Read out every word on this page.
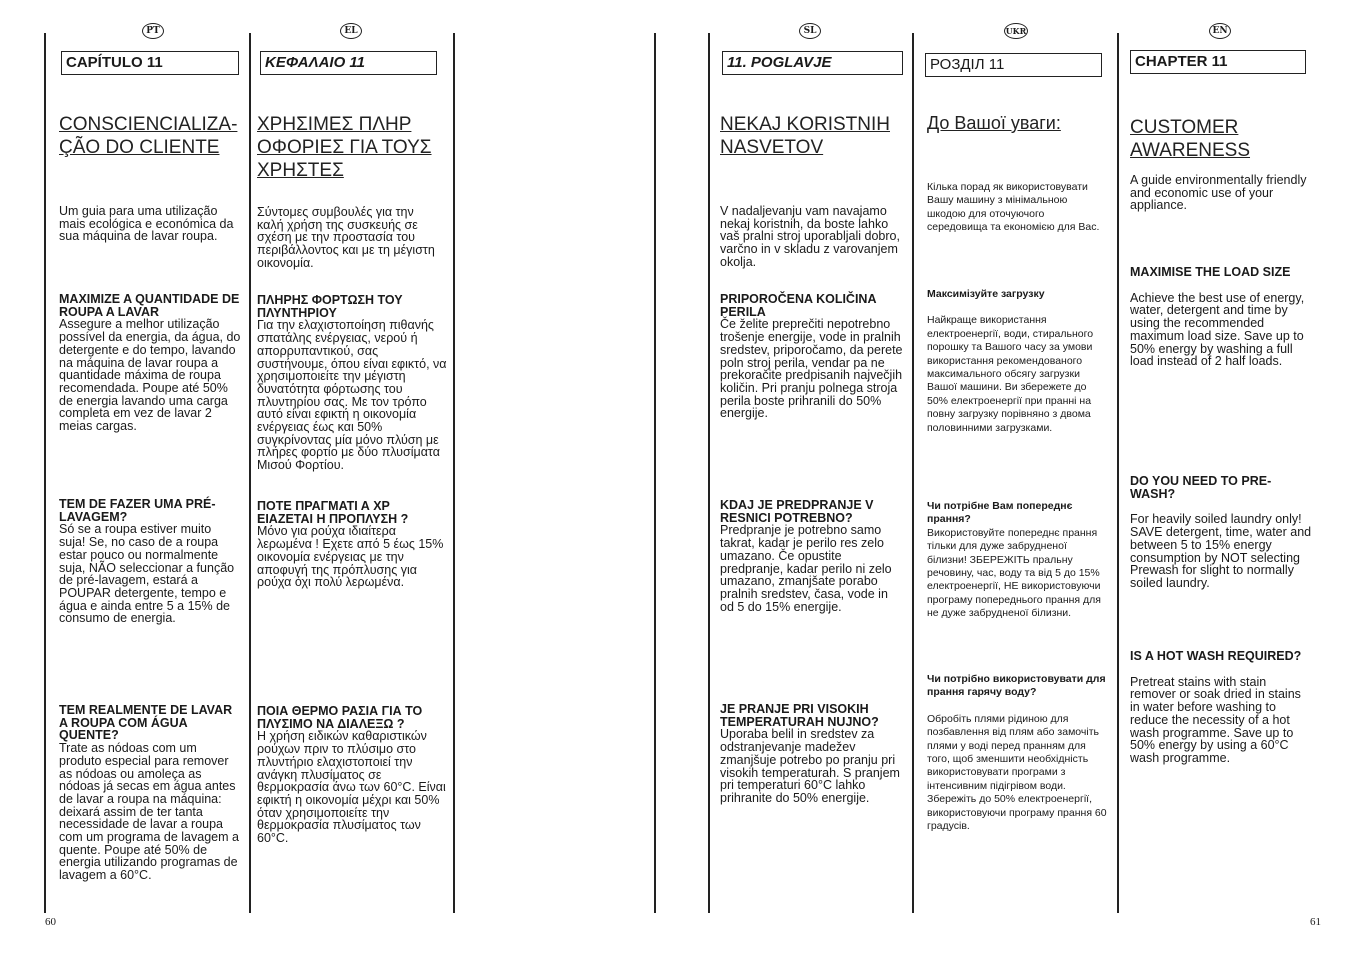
PT
CAPÍTULO 11
CONSCIENCIALIZA-ÇÃO DO CLIENTE

Um guia para uma utilização mais ecológica e económica da sua máquina de lavar roupa.

MAXIMIZE A QUANTIDADE DE ROUPA A LAVAR
Assegure a melhor utilização possível da energia, da água, do detergente e do tempo, lavando na máquina de lavar roupa a quantidade máxima de roupa recomendada. Poupe até 50% de energia lavando uma carga completa em vez de lavar 2 meias cargas.

TEM DE FAZER UMA PRÉ-LAVAGEM?
Só se a roupa estiver muito suja! Se, no caso de a roupa estar pouco ou normalmente suja, NÃO seleccionar a função de pré-lavagem, estará a POUPAR detergente, tempo e água e ainda entre 5 a 15% de consumo de energia.

TEM REALMENTE DE LAVAR A ROUPA COM ÁGUA QUENTE?
Trate as nódoas com um produto especial para remover as nódoas ou amoleça as nódoas já secas em água antes de lavar a roupa na máquina: deixará assim de ter tanta necessidade de lavar a roupa com um programa de lavagem a quente. Poupe até 50% de energia utilizando programas de lavagem a 60°C.

EL
ΚΕΦΑΛΑΙΟ 11
ΧΡΗΣΙΜΕΣ ΠΛΗΡ ΟΦΟΡΙΕΣ ΓΙΑ ΤΟΥΣ ΧΡΗΣΤΕΣ

Σύντομες συμβουλές για την καλή χρήση της συσκευής σε σχέση με την προστασία του περιβάλλοντος και με τη μέγιστη οικονομία.

ΠΛΗΡΗΣ ΦΟΡΤΩΣΗ ΤΟΥ ΠΛΥΝΤΗΡΙΟΥ
Για την ελαχιστοποίηση πιθανής σπατάλης ενέργειας, νερού ή απορρυπαντικού, σας συστήνουμε, όπου είναι εφικτό, να χρησιμοποιείτε την μέγιστη δυνατότητα φόρτωσης του πλυντηρίου σας. Με τον τρόπο αυτό είναι εφικτή η οικονομία ενέργειας έως και 50% συγκρίνοντας μία μόνο πλύση με πλήρες φορτίο με δύο πλυσίματα Μισού Φορτίου.

ΠΟΤΕ ΠΡΑΓΜΑΤΙ Α ΧΡ ΕΙΑΖΕΤΑΙ Η ΠΡΟΠΛΥΣΗ ?
Μόνο για ρούχα ιδιαίτερα λερωμένα ! Εχετε από 5 έως 15% οικονομία ενέργειας με την αποφυγή της πρόπλυσης για ρούχα όχι πολύ λερωμένα.

ΠΟΙΑ ΘΕΡΜΟ ΡΑΣΙΑ ΓΙΑ ΤΟ ΠΛΥΣΙΜΟ ΝΑ ΔΙΑΛΕΞΩ ?
Η χρήση ειδικών καθαριστικών ρούχων πριν το πλύσιμο στο πλυντήριο ελαχιστοποιεί την ανάγκη πλυσίματος σε θερμοκρασία άνω των 60°C. Είναι εφικτή η οικονομία μέχρι και 50% όταν χρησιμοποιείτε την θερμοκρασία πλυσίματος των 60°C.

SL
11. POGLAVJE
NEKAJ KORISTNIH NASVETOV

V nadaljevanju vam navajamo nekaj koristnih, da boste lahko vaš pralni stroj uporabljali dobro, varčno in v skladu z varovanjem okolja.

PRIPOROČENA KOLIČINA PERILA
Če želite preprečiti nepotrebno trošenje energije, vode in pralnih sredstev, priporočamo, da perete poln stroj perila, vendar pa ne prekoračite predpisanih največjih količin. Pri pranju polnega stroja perila boste prihranili do 50% energije.

KDAJ JE PREDPRANJE V RESNICI POTREBNO?
Predpranje je potrebno samo takrat, kadar je perilo res zelo umazano. Če opustite predpranje, kadar perilo ni zelo umazano, zmanjšate porabo pralnih sredstev, časa, vode in od 5 do 15% energije.

JE PRANJE PRI VISOKIH TEMPERATURAH NUJNO?
Uporaba belil in sredstev za odstranjevanje madežev zmanjšuje potrebo po pranju pri visokih temperaturah. S pranjem pri temperaturi 60°C lahko prihranite do 50% energije.

UKR
РОЗДІЛ 11
До Вашої уваги:

Кілька порад як використовувати Вашу машину з мінімальною шкодою для оточуючого середовища та економією для Вас.

Максимізуйте загрузку
Найкраще використання електроенергії, води, стирального порошку та Вашого часу за умови використання рекомендованого максимального обсягу загрузки Вашої машини. Ви збережете до 50% електроенергії при пранні на повну загрузку порівняно з двома половинними загрузками.

Чи потрібне Вам попереднє прання?
Використовуйте попереднє прання тільки для дуже забрудненої білизни! ЗБЕРЕЖІТЬ пральну речовину, час, воду та від 5 до 15% електроенергії, НЕ використовуючи програму попереднього прання для не дуже забрудненої білизни.

Чи потрібно використовувати для прання гарячу воду?
Обробіть плями рідиною для позбавлення від плям або замочіть плями у воді перед пранням для того, щоб зменшити необхідність використовувати програми з інтенсивним підігрівом води. Збережіть до 50% електроенергії, використовуючи програму прання 60 градусів.

EN
CHAPTER 11
CUSTOMER AWARENESS

A guide environmentally friendly and economic use of your appliance.

MAXIMISE THE LOAD SIZE
Achieve the best use of energy, water, detergent and time by using the recommended maximum load size. Save up to 50% energy by washing a full load instead of 2 half loads.

DO YOU NEED TO PRE-WASH?
For heavily soiled laundry only! SAVE detergent, time, water and between 5 to 15% energy consumption by NOT selecting Prewash for slight to normally soiled laundry.

IS A HOT WASH REQUIRED?
Pretreat stains with stain remover or soak dried in stains in water before washing to reduce the necessity of a hot wash programme. Save up to 50% energy by using a 60°C wash programme.

60	61
